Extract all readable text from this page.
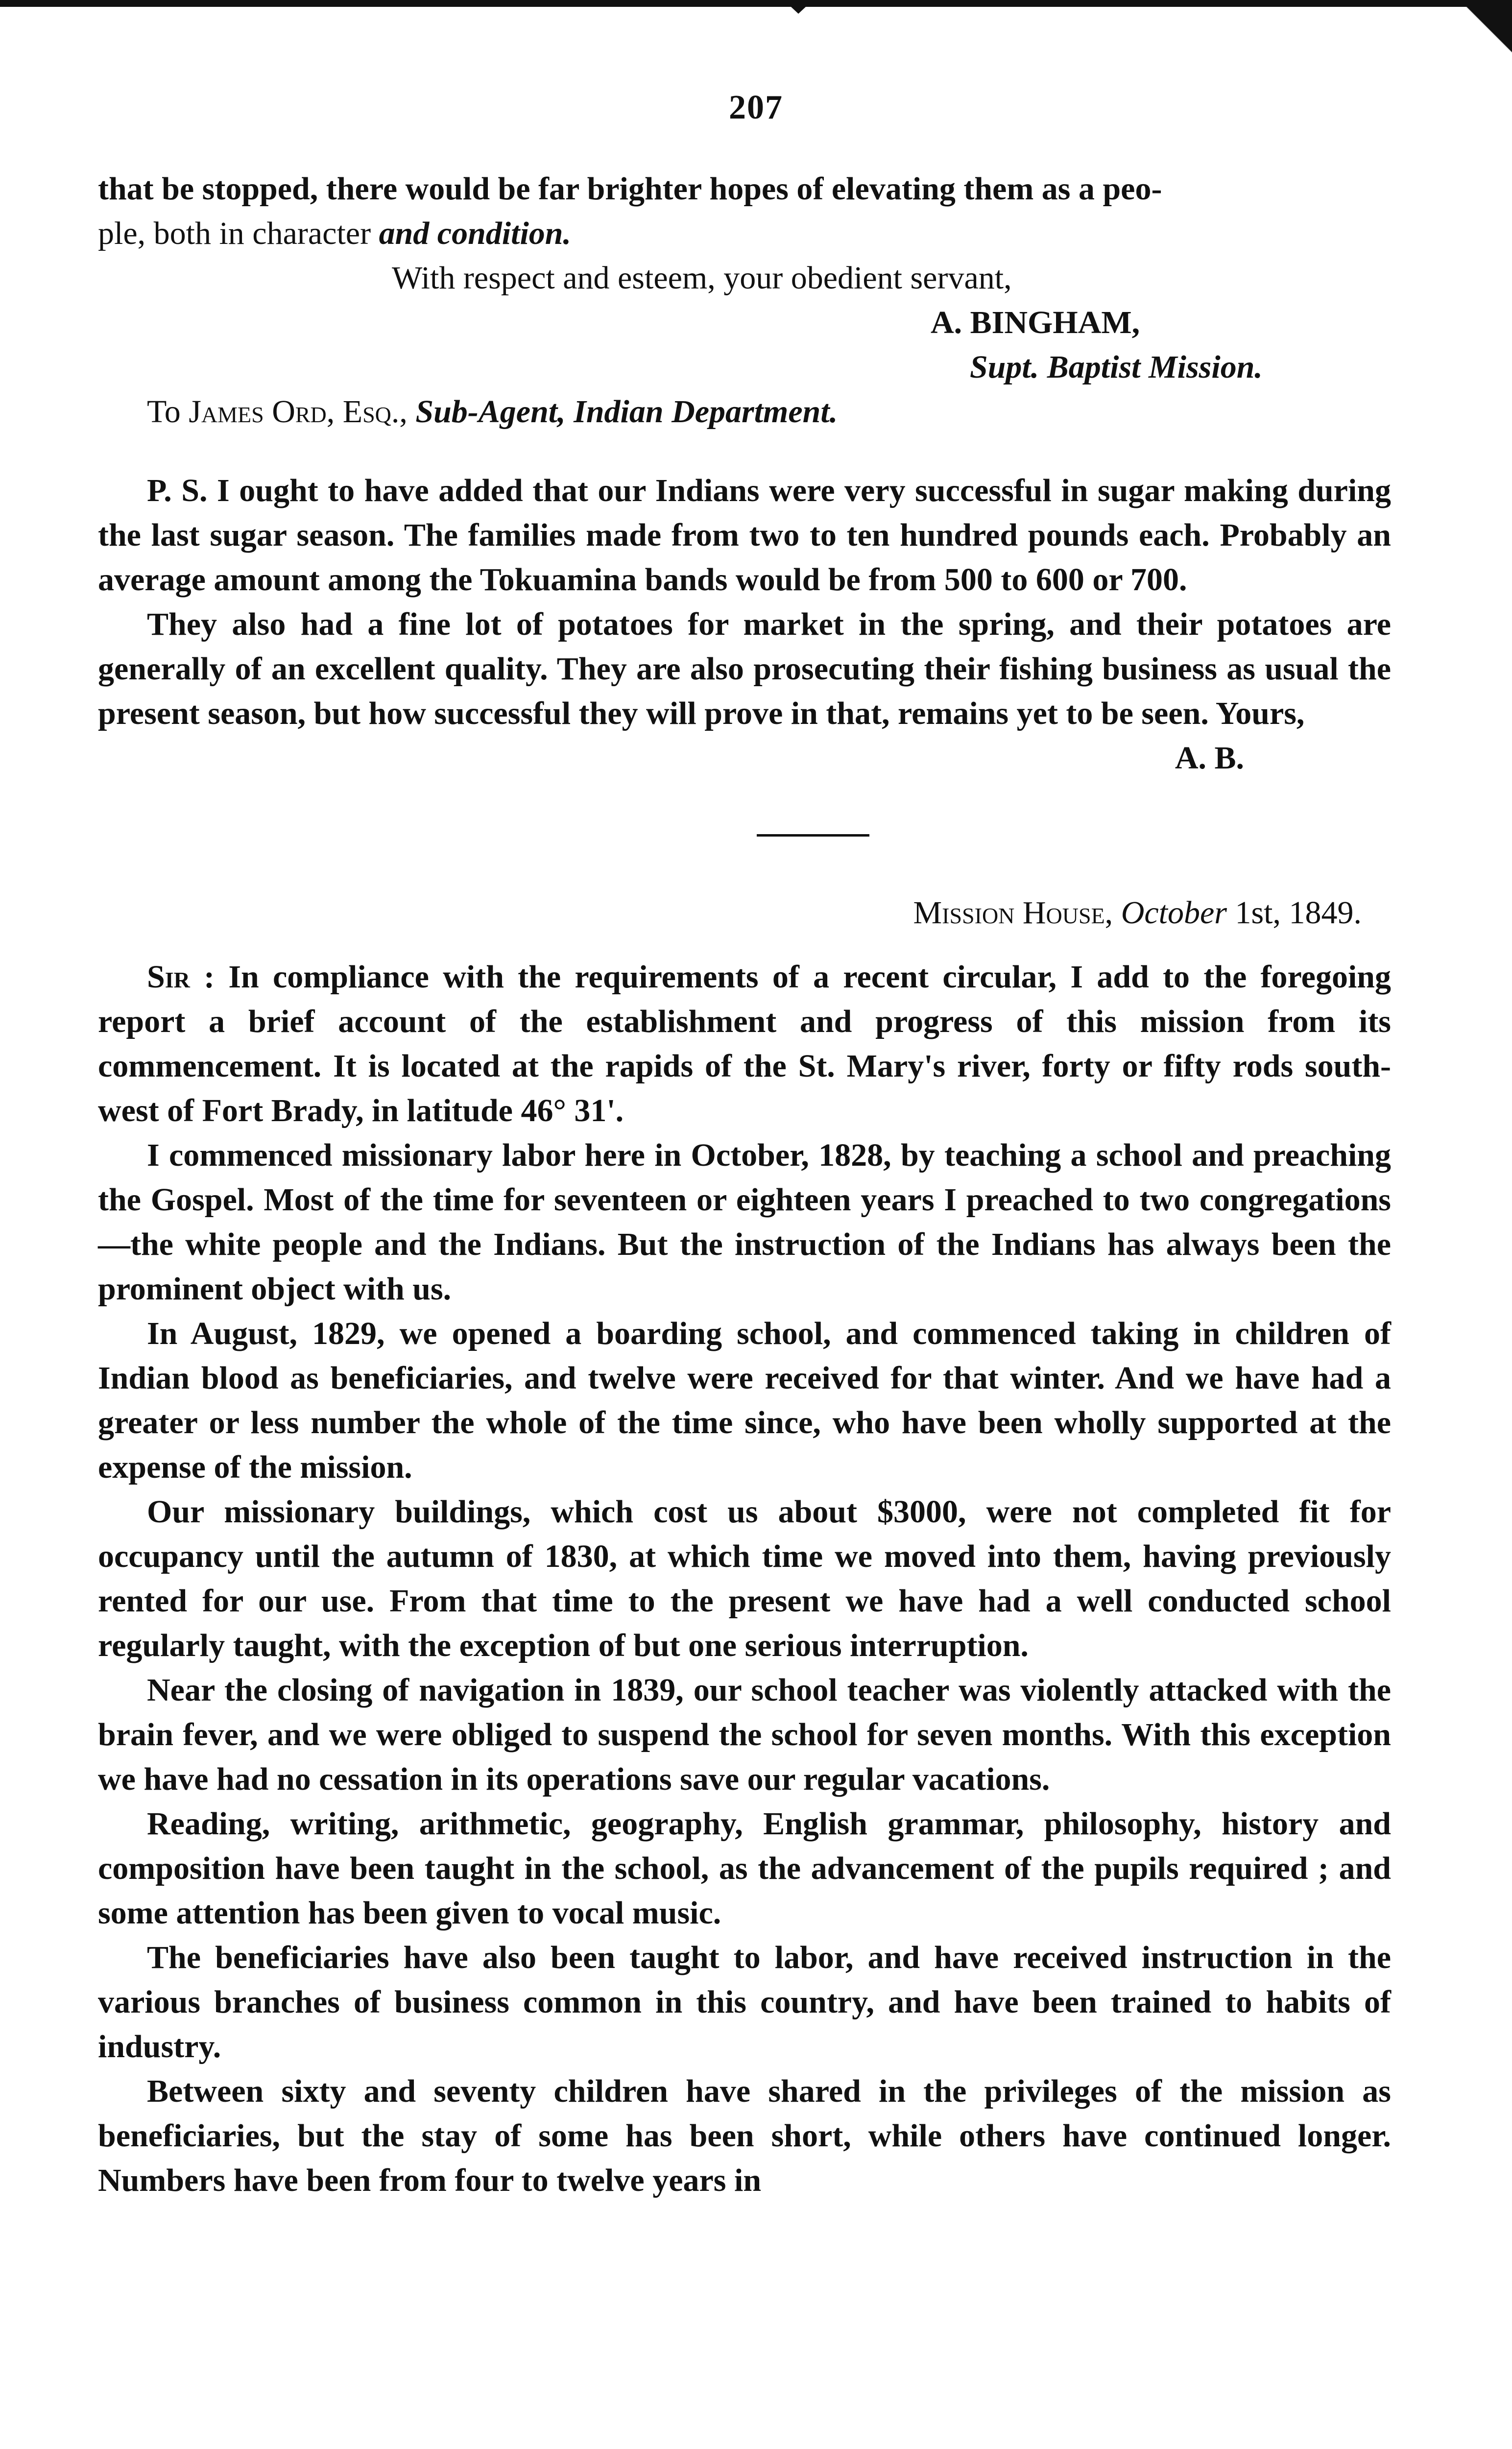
207

that be stopped, there would be far brighter hopes of elevating them as a peo-
ple, both in character and condition.

With respect and esteem, your obedient servant,

A. BINGHAM,

Supt. Baptist Mission.

To James Ord, Esq., Sub-Agent, Indian Department.

P. S. I ought to have added that our Indians were very successful in sugar making during the last sugar season. The families made from two to ten hundred pounds each. Probably an average amount among the Tokuamina bands would be from 500 to 600 or 700.

They also had a fine lot of potatoes for market in the spring, and their potatoes are generally of an excellent quality. They are also prosecuting their fishing business as usual the present season, but how successful they will prove in that, remains yet to be seen. Yours,

A. B.

Mission House, October 1st, 1849.

Sir : In compliance with the requirements of a recent circular, I add to the foregoing report a brief account of the establishment and progress of this mission from its commencement. It is located at the rapids of the St. Mary's river, forty or fifty rods south-west of Fort Brady, in latitude 46° 31'.

I commenced missionary labor here in October, 1828, by teaching a school and preaching the Gospel. Most of the time for seventeen or eighteen years I preached to two congregations—the white people and the Indians. But the instruction of the Indians has always been the prominent object with us.

In August, 1829, we opened a boarding school, and commenced taking in children of Indian blood as beneficiaries, and twelve were received for that winter. And we have had a greater or less number the whole of the time since, who have been wholly supported at the expense of the mission.

Our missionary buildings, which cost us about $3000, were not completed fit for occupancy until the autumn of 1830, at which time we moved into them, having previously rented for our use. From that time to the present we have had a well conducted school regularly taught, with the exception of but one serious interruption.

Near the closing of navigation in 1839, our school teacher was violently attacked with the brain fever, and we were obliged to suspend the school for seven months. With this exception we have had no cessation in its operations save our regular vacations.

Reading, writing, arithmetic, geography, English grammar, philosophy, history and composition have been taught in the school, as the advancement of the pupils required ; and some attention has been given to vocal music.

The beneficiaries have also been taught to labor, and have received instruction in the various branches of business common in this country, and have been trained to habits of industry.

Between sixty and seventy children have shared in the privileges of the mission as beneficiaries, but the stay of some has been short, while others have continued longer. Numbers have been from four to twelve years in
